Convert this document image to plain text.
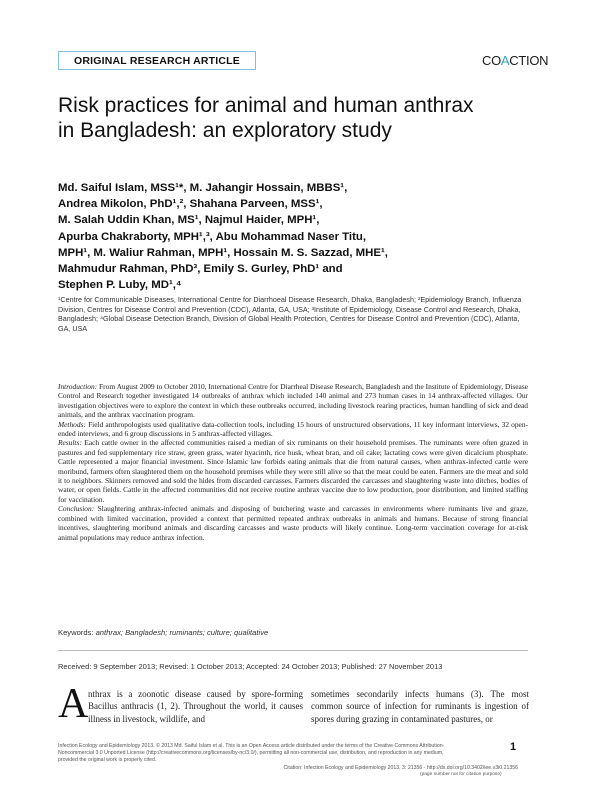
ORIGINAL RESEARCH ARTICLE	COACTION
Risk practices for animal and human anthrax in Bangladesh: an exploratory study
Md. Saiful Islam, MSS¹*, M. Jahangir Hossain, MBBS¹,
Andrea Mikolon, PhD¹,², Shahana Parveen, MSS¹,
M. Salah Uddin Khan, MS¹, Najmul Haider, MPH¹,
Apurba Chakraborty, MPH¹,³, Abu Mohammad Naser Titu,
MPH¹, M. Waliur Rahman, MPH¹, Hossain M. S. Sazzad, MHE¹,
Mahmudur Rahman, PhD³, Emily S. Gurley, PhD¹ and
Stephen P. Luby, MD¹,⁴
¹Centre for Communicable Diseases, International Centre for Diarrhoeal Disease Research, Dhaka, Bangladesh; ²Epidemiology Branch, Influenza Division, Centres for Disease Control and Prevention (CDC), Atlanta, GA, USA; ³Institute of Epidemiology, Disease Control and Research, Dhaka, Bangladesh; ⁴Global Disease Detection Branch, Division of Global Health Protection, Centres for Disease Control and Prevention (CDC), Atlanta, GA, USA

Introduction: From August 2009 to October 2010, International Centre for Diarrheal Disease Research, Bangladesh and the Institute of Epidemiology, Disease Control and Research together investigated 14 outbreaks of anthrax which included 140 animal and 273 human cases in 14 anthrax-affected villages. Our investigation objectives were to explore the context in which these outbreaks occurred, including livestock rearing practices, human handling of sick and dead animals, and the anthrax vaccination program.

Methods: Field anthropologists used qualitative data-collection tools, including 15 hours of unstructured observations, 11 key informant interviews, 32 open-ended interviews, and 6 group discussions in 5 anthrax-affected villages.

Results: Each cattle owner in the affected communities raised a median of six ruminants on their household premises. The ruminants were often grazed in pastures and fed supplementary rice straw, green grass, water hyacinth, rice husk, wheat bran, and oil cake; lactating cows were given dicalcium phosphate. Cattle represented a major financial investment. Since Islamic law forbids eating animals that die from natural causes, when anthrax-infected cattle were moribund, farmers often slaughtered them on the household premises while they were still alive so that the meat could be eaten. Farmers ate the meat and sold it to neighbors. Skinners removed and sold the hides from discarded carcasses. Farmers discarded the carcasses and slaughtering waste into ditches, bodies of water, or open fields. Cattle in the affected communities did not receive routine anthrax vaccine due to low production, poor distribution, and limited staffing for vaccination.

Conclusion: Slaughtering anthrax-infected animals and disposing of butchering waste and carcasses in environments where ruminants live and graze, combined with limited vaccination, provided a context that permitted repeated anthrax outbreaks in animals and humans. Because of strong financial incentives, slaughtering moribund animals and discarding carcasses and waste products will likely continue. Long-term vaccination coverage for at-risk animal populations may reduce anthrax infection.

Keywords: anthrax; Bangladesh; ruminants; culture; qualitative
Received: 9 September 2013; Revised: 1 October 2013; Accepted: 24 October 2013; Published: 27 November 2013
A nthrax is a zoonotic disease caused by spore-forming Bacillus anthracis (1, 2). Throughout the world, it causes illness in livestock, wildlife, and
sometimes secondarily infects humans (3). The most common source of infection for ruminants is ingestion of spores during grazing in contaminated pastures, or
Infection Ecology and Epidemiology 2013. © 2013 Md. Saiful Islam et al. This is an Open Access article distributed under the terms of the Creative Commons Attribution-
Noncommercial 3.0 Unported License (http://creativecommons.org/licenses/by-nc/3.0/), permitting all non-commercial use, distribution, and reproduction in any medium,
provided the original work is properly cited.
Citation: Infection Ecology and Epidemiology 2013, 3: 21356 - http://dx.doi.org/10.3402/iee.v3i0.21356
1
(page number not for citation purpose)
